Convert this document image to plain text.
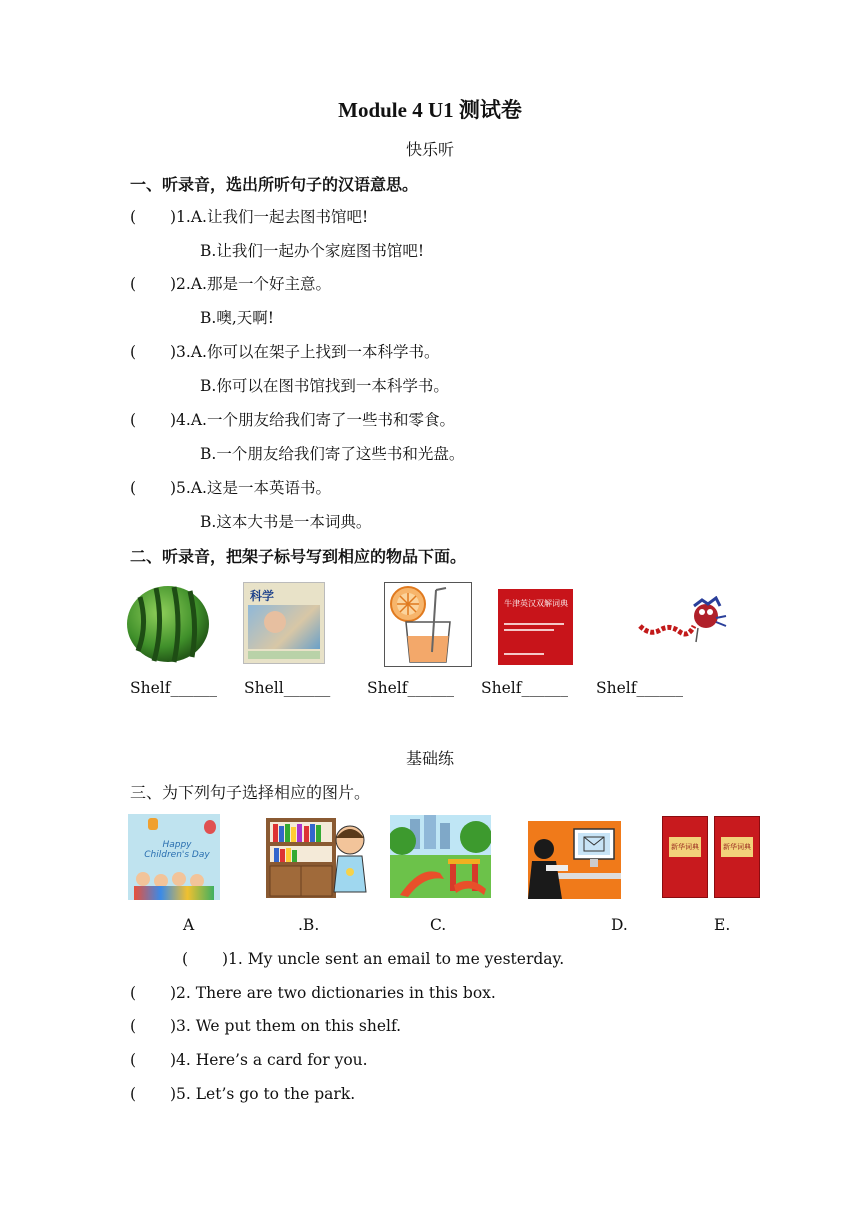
Module 4 U1 测试卷
快乐听
一、听录音，选出所听句子的汉语意思。
( )1.A.让我们一起去图书馆吧!
B.让我们一起办个家庭图书馆吧!
( )2.A.那是一个好主意。
B.噢,天啊!
( )3.A.你可以在架子上找到一本科学书。
B.你可以在图书馆找到一本科学书。
( )4.A.一个朋友给我们寄了一些书和零食。
B.一个朋友给我们寄了这些书和光盘。
( )5.A.这是一本英语书。
B.这本大书是一本词典。
二、听录音，把架子标号写到相应的物品下面。
科学
牛津英汉双解词典
Shelf______ Shell______ Shelf______ Shelf______ Shelf______
基础练
三、为下列句子选择相应的图片。
Happy Children's Day
新华词典	新华词典
A	.B.	C.	D.	E.
( )1. My uncle sent an email to me yesterday.
( )2. There are two dictionaries in this box.
( )3. We put them on this shelf.
( )4. Here’s a card for you.
( )5. Let’s go to the park.
